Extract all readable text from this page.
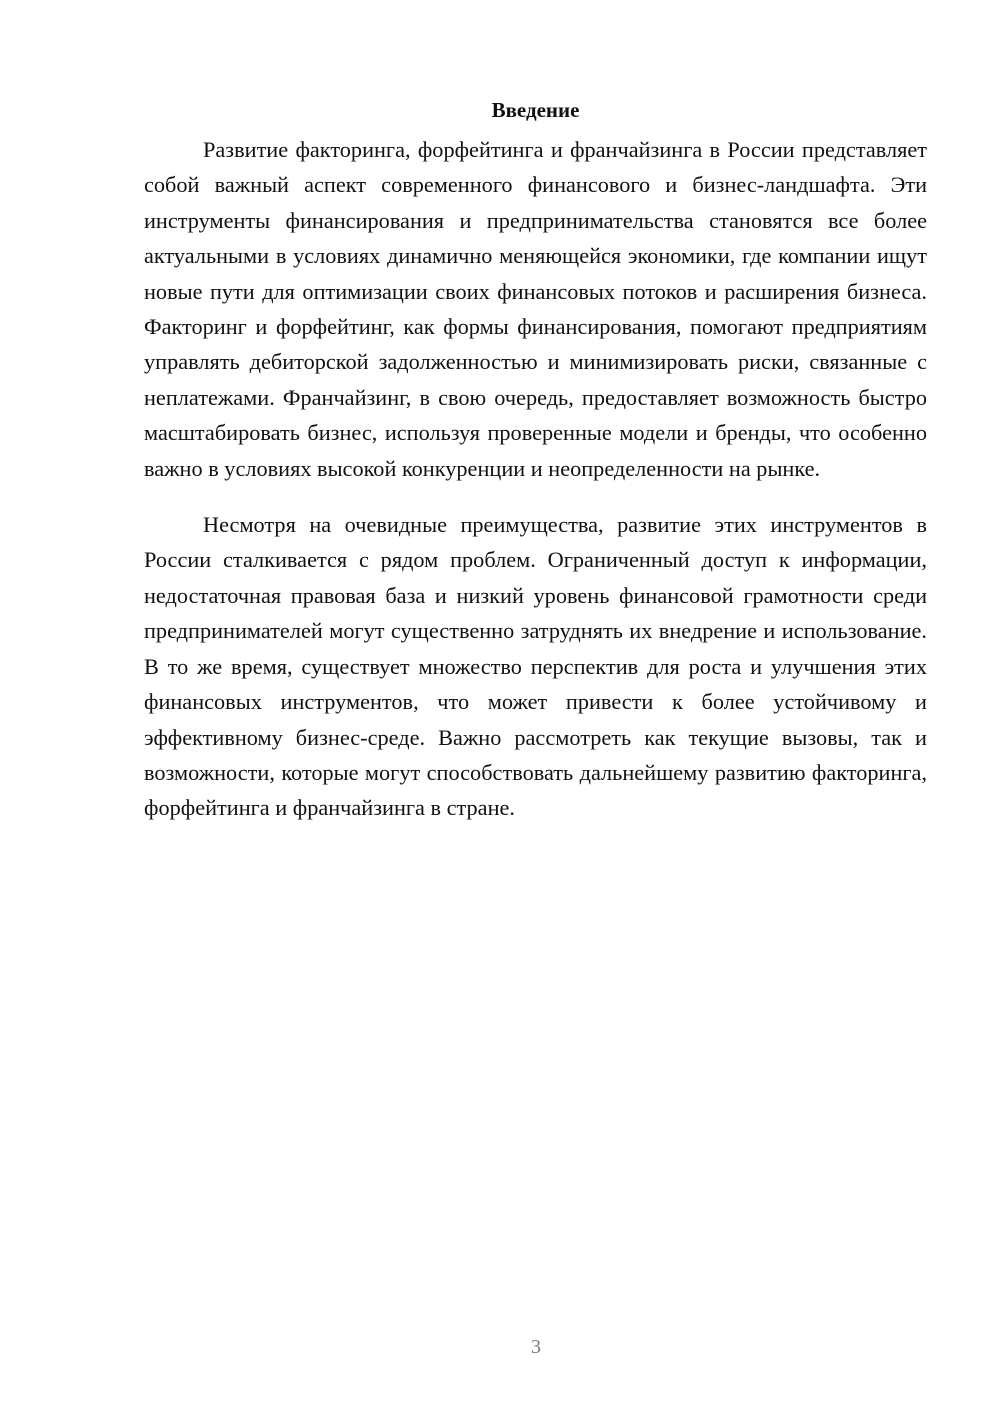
Введение

Развитие факторинга, форфейтинга и франчайзинга в России представляет собой важный аспект современного финансового и бизнес-ландшафта. Эти инструменты финансирования и предпринимательства становятся все более актуальными в условиях динамично меняющейся экономики, где компании ищут новые пути для оптимизации своих финансовых потоков и расширения бизнеса. Факторинг и форфейтинг, как формы финансирования, помогают предприятиям управлять дебиторской задолженностью и минимизировать риски, связанные с неплатежами. Франчайзинг, в свою очередь, предоставляет возможность быстро масштабировать бизнес, используя проверенные модели и бренды, что особенно важно в условиях высокой конкуренции и неопределенности на рынке.

Несмотря на очевидные преимущества, развитие этих инструментов в России сталкивается с рядом проблем. Ограниченный доступ к информации, недостаточная правовая база и низкий уровень финансовой грамотности среди предпринимателей могут существенно затруднять их внедрение и использование. В то же время, существует множество перспектив для роста и улучшения этих финансовых инструментов, что может привести к более устойчивому и эффективному бизнес-среде. Важно рассмотреть как текущие вызовы, так и возможности, которые могут способствовать дальнейшему развитию факторинга, форфейтинга и франчайзинга в стране.

3
